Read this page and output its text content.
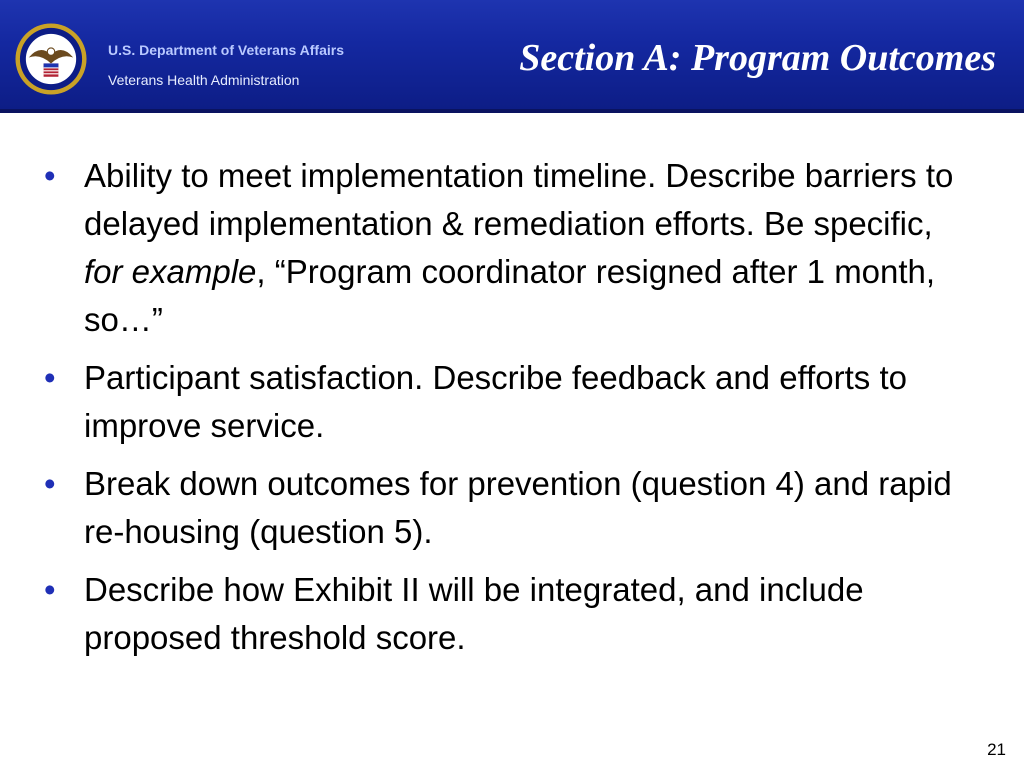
U.S. Department of Veterans Affairs
Veterans Health Administration
Section A: Program Outcomes
• Ability to meet implementation timeline. Describe barriers to delayed implementation & remediation efforts. Be specific, for example, “Program coordinator resigned after 1 month, so…”
• Participant satisfaction. Describe feedback and efforts to improve service.
• Break down outcomes for prevention (question 4) and rapid re-housing (question 5).
• Describe how Exhibit II will be integrated, and include proposed threshold score.
21
